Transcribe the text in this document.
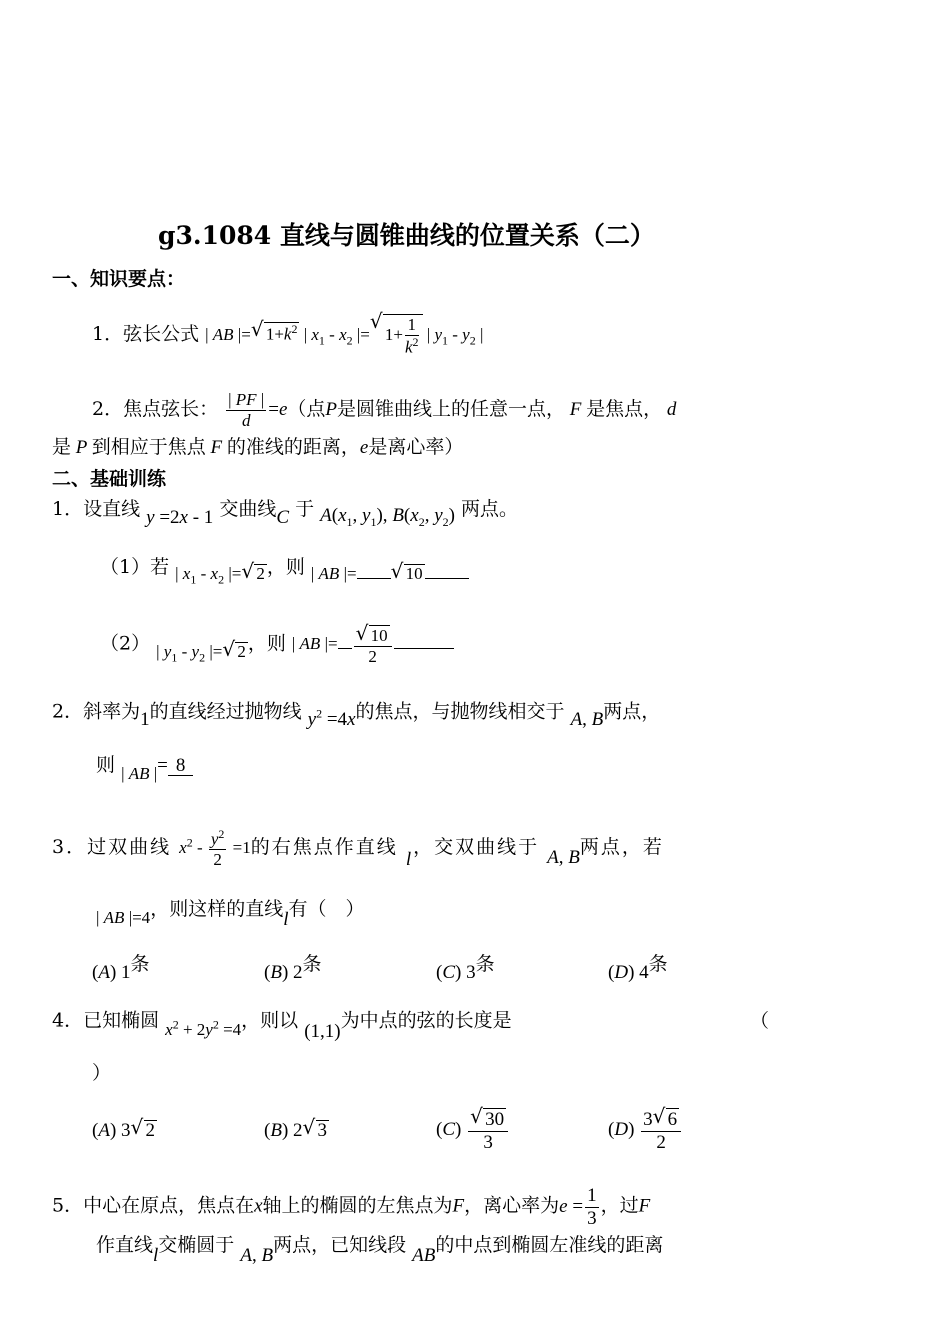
g3.1084 直线与圆锥曲线的位置关系（二）
一、知识要点：
1．弦长公式 | AB |= √ $1+k^2$ | $x_1 - x_2$ |= √ $1+ \frac{1}{k^2}$ | $y_1 - y_2$ |
2．焦点弦长： $\frac{| PF |}{d} =e$（点P是圆锥曲线上的任意一点， F 是焦点， d
是 P 到相应于焦点 F 的准线的距离，e是离心率）
二、基础训练
1．设直线 y =2x - 1 交曲线C 于 $A(x_1$, $y_1$), $B(x_2$, $y_2$) 两点。
（1）若 | $x_1 - x_2$ |= √ 2 ，则 | AB |=	√ 10
（2） | $y_1 - y_2$ |= √ 2 ，则 | AB |= √ $\frac{10}{2}$
2．斜率为1的直线经过抛物线 $y^2 =4x$的焦点，与抛物线相交于 A, B两点，
则 | AB |= 8
3．过双曲线 $x^2 - \frac{y^2}{2} =1$的右焦点作直线 l，交双曲线于 A, B两点，若
| AB |=4，则这样的直线l有（　）
(A) 1条	(B) 2条	(C) 3条	(D) 4条
4．已知椭圆 $x^2 + 2y^2 =4$，则以 (1,1)为中点的弦的长度是	（
）
(A) 3 √ 2	(B) 2 √ 3	(C) √ $\frac{30}{3}$	$(D) \frac{3 √ 6}{2}$
5．中心在原点，焦点在x轴上的椭圆的左焦点为F，离心率为$e = \frac{1}{3}$ ，过F
作直线l交椭圆于 A, B两点，已知线段 AB的中点到椭圆左准线的距离
